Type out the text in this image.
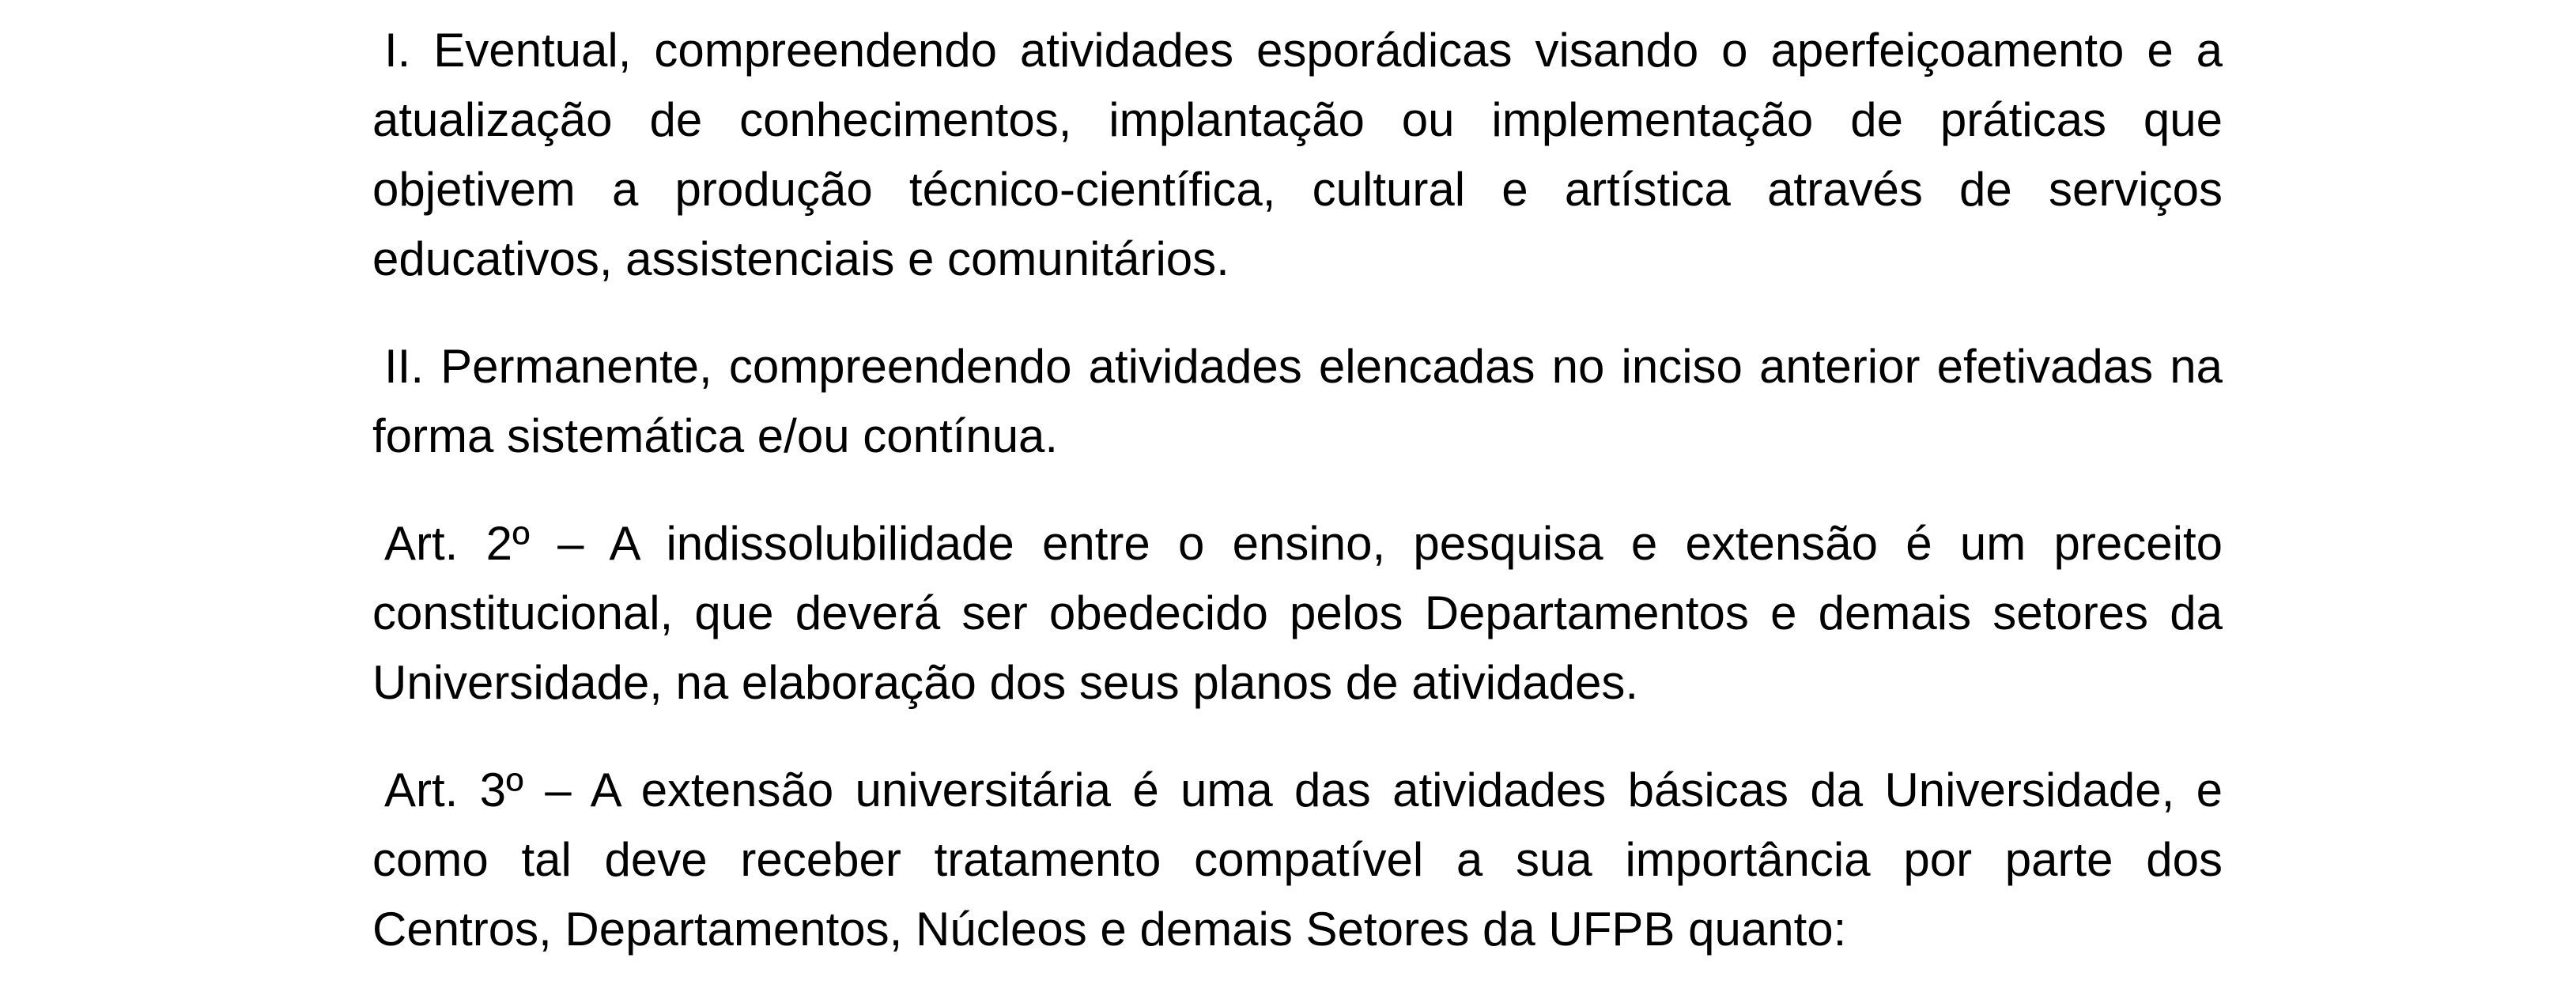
I. Eventual, compreendendo atividades esporádicas visando o aperfeiçoamento e a
atualização de conhecimentos, implantação ou implementação de práticas que
objetivem a produção técnico-científica, cultural e artística através de serviços
educativos, assistenciais e comunitários.
II. Permanente, compreendendo atividades elencadas no inciso anterior efetivadas na
forma sistemática e/ou contínua.
Art. 2º – A indissolubilidade entre o ensino, pesquisa e extensão é um preceito
constitucional, que deverá ser obedecido pelos Departamentos e demais setores da
Universidade, na elaboração dos seus planos de atividades.
Art. 3º – A extensão universitária é uma das atividades básicas da Universidade, e
como tal deve receber tratamento compatível a sua importância por parte dos
Centros, Departamentos, Núcleos e demais Setores da UFPB quanto:
